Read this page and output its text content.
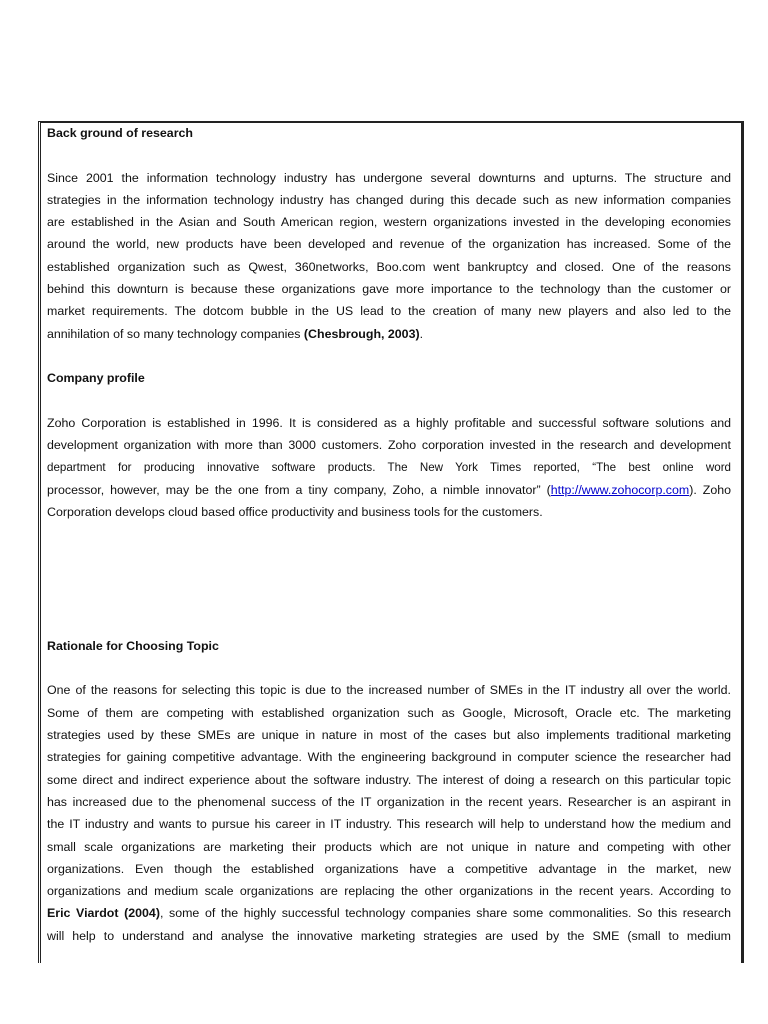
Back ground of research
Since 2001 the information technology industry has undergone several downturns and upturns. The structure and
strategies in the information technology industry has changed during this decade such as new information companies
are established in the Asian and South American region, western organizations invested in the developing economies
around the world, new products have been developed and revenue of the organization has increased. Some of the
established organization such as Qwest, 360networks, Boo.com went bankruptcy and closed. One of the reasons
behind this downturn is because these organizations gave more importance to the technology than the customer or
market requirements. The dotcom bubble in the US lead to the creation of many new players and also led to the
annihilation of so many technology companies (Chesbrough, 2003).
Company profile
Zoho Corporation is established in 1996. It is considered as a highly profitable and successful software solutions and
development organization with more than 3000 customers. Zoho corporation invested in the research and development
department for producing innovative software products. The New York Times reported, “The best online word
processor, however, may be the one from a tiny company, Zoho, a nimble innovator” (http://www.zohocorp.com). Zoho
Corporation develops cloud based office productivity and business tools for the customers.
Rationale for Choosing Topic
One of the reasons for selecting this topic is due to the increased number of SMEs in the IT industry all over the world.
Some of them are competing with established organization such as Google, Microsoft, Oracle etc. The marketing
strategies used by these SMEs are unique in nature in most of the cases but also implements traditional marketing
strategies for gaining competitive advantage. With the engineering background in computer science the researcher had
some direct and indirect experience about the software industry. The interest of doing a research on this particular topic
has increased due to the phenomenal success of the IT organization in the recent years. Researcher is an aspirant in
the IT industry and wants to pursue his career in IT industry. This research will help to understand how the medium and
small scale organizations are marketing their products which are not unique in nature and competing with other
organizations. Even though the established organizations have a competitive advantage in the market, new
organizations and medium scale organizations are replacing the other organizations in the recent years. According to
Eric Viardot (2004), some of the highly successful technology companies share some commonalities. So this research
will help to understand and analyse the innovative marketing strategies are used by the SME (small to medium
